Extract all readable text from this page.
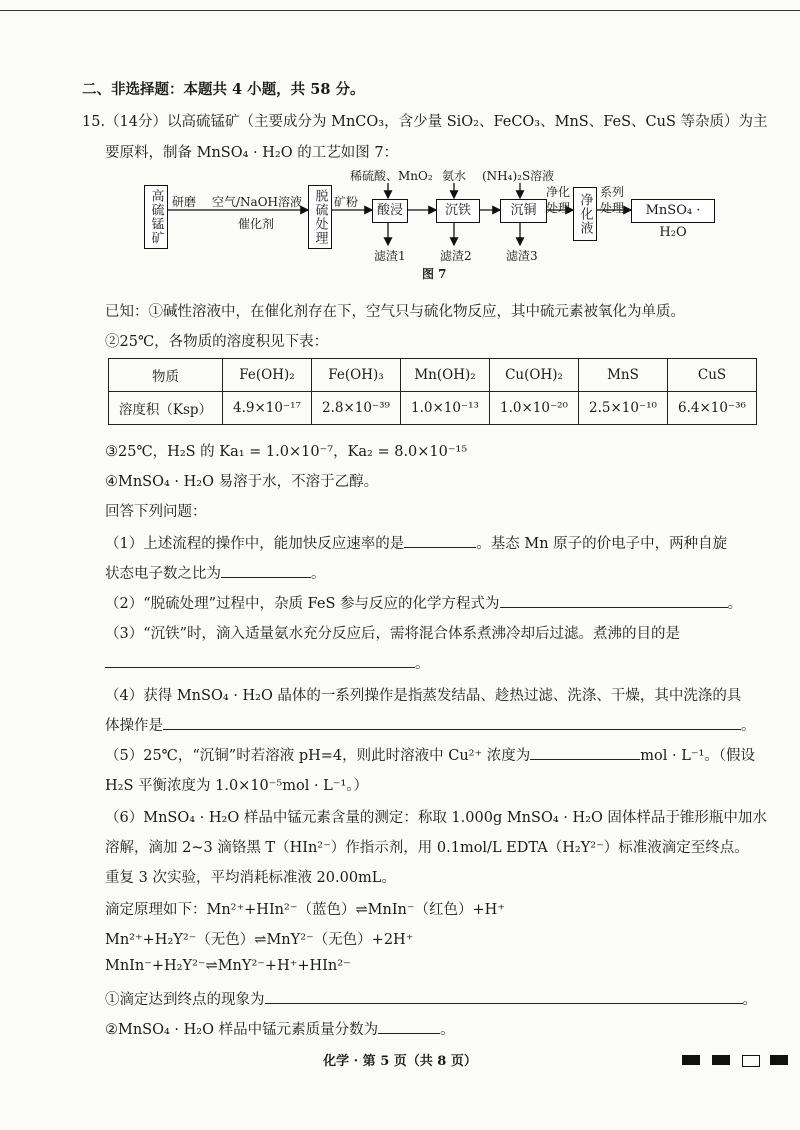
二、非选择题：本题共 4 小题，共 58 分。
15.（14分）以高硫锰矿（主要成分为 MnCO₃，含少量 SiO₂、FeCO₃、MnS、FeS、CuS 等杂质）为主
要原料，制备 MnSO₄ · H₂O 的工艺如图 7：
高硫锰矿 研磨 空气/NaOH溶液
催化剂	脱硫处理 矿粉
稀硫酸、MnO₂ 氨水 (NH₄)₂S溶液
酸浸	沉铁	沉铜
净化
处理 净化液
系列
处理	MnSO₄ · H₂O
滤渣1	滤渣2	滤渣3
图 7
已知：①碱性溶液中，在催化剂存在下，空气只与硫化物反应，其中硫元素被氧化为单质。
②25℃，各物质的溶度积见下表：
物质	Fe(OH)₂	Fe(OH)₃	Mn(OH)₂	Cu(OH)₂	MnS	CuS
溶度积（Ksp）	4.9×10⁻¹⁷	2.8×10⁻³⁹	1.0×10⁻¹³	1.0×10⁻²⁰	2.5×10⁻¹⁰	6.4×10⁻³⁶
③25℃，H₂S 的 Ka₁ = 1.0×10⁻⁷，Ka₂ = 8.0×10⁻¹⁵
④MnSO₄ · H₂O 易溶于水，不溶于乙醇。
回答下列问题：
（1）上述流程的操作中，能加快反应速率的是	。基态 Mn 原子的价电子中，两种自旋
状态电子数之比为	。
（2）“脱硫处理”过程中，杂质 FeS 参与反应的化学方程式为	。
（3）“沉铁”时，滴入适量氨水充分反应后，需将混合体系煮沸冷却后过滤。煮沸的目的是
。
（4）获得 MnSO₄ · H₂O 晶体的一系列操作是指蒸发结晶、趁热过滤、洗涤、干燥，其中洗涤的具
体操作是	。
（5）25℃，“沉铜”时若溶液 pH=4，则此时溶液中 Cu²⁺ 浓度为	mol · L⁻¹。（假设
H₂S 平衡浓度为 1.0×10⁻⁵mol · L⁻¹。）
（6）MnSO₄ · H₂O 样品中锰元素含量的测定：称取 1.000g MnSO₄ · H₂O 固体样品于锥形瓶中加水
溶解，滴加 2~3 滴铬黑 T（HIn²⁻）作指示剂，用 0.1mol/L EDTA（H₂Y²⁻）标准液滴定至终点。
重复 3 次实验，平均消耗标准液 20.00mL。
滴定原理如下：Mn²⁺+HIn²⁻（蓝色）⇌MnIn⁻（红色）+H⁺
Mn²⁺+H₂Y²⁻（无色）⇌MnY²⁻（无色）+2H⁺
MnIn⁻+H₂Y²⁻⇌MnY²⁻+H⁺+HIn²⁻
①滴定达到终点的现象为	。
②MnSO₄ · H₂O 样品中锰元素质量分数为	。
化学 · 第 5 页（共 8 页）
